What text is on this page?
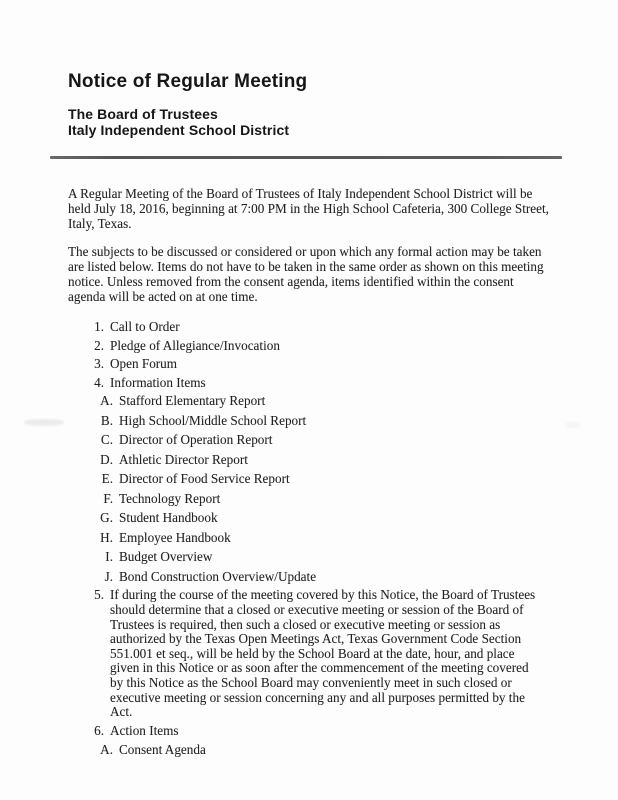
Notice of Regular Meeting
The Board of Trustees
Italy Independent School District
A Regular Meeting of the Board of Trustees of Italy Independent School District will be held July 18, 2016, beginning at 7:00 PM in the High School Cafeteria, 300 College Street, Italy, Texas.
The subjects to be discussed or considered or upon which any formal action may be taken are listed below. Items do not have to be taken in the same order as shown on this meeting notice. Unless removed from the consent agenda, items identified within the consent agenda will be acted on at one time.
1. Call to Order
2. Pledge of Allegiance/Invocation
3. Open Forum
4. Information Items
A. Stafford Elementary Report
B. High School/Middle School Report
C. Director of Operation Report
D. Athletic Director Report
E. Director of Food Service Report
F. Technology Report
G. Student Handbook
H. Employee Handbook
I. Budget Overview
J. Bond Construction Overview/Update
5. If during the course of the meeting covered by this Notice, the Board of Trustees should determine that a closed or executive meeting or session of the Board of Trustees is required, then such a closed or executive meeting or session as authorized by the Texas Open Meetings Act, Texas Government Code Section 551.001 et seq., will be held by the School Board at the date, hour, and place given in this Notice or as soon after the commencement of the meeting covered by this Notice as the School Board may conveniently meet in such closed or executive meeting or session concerning any and all purposes permitted by the Act.
6. Action Items
A. Consent Agenda
